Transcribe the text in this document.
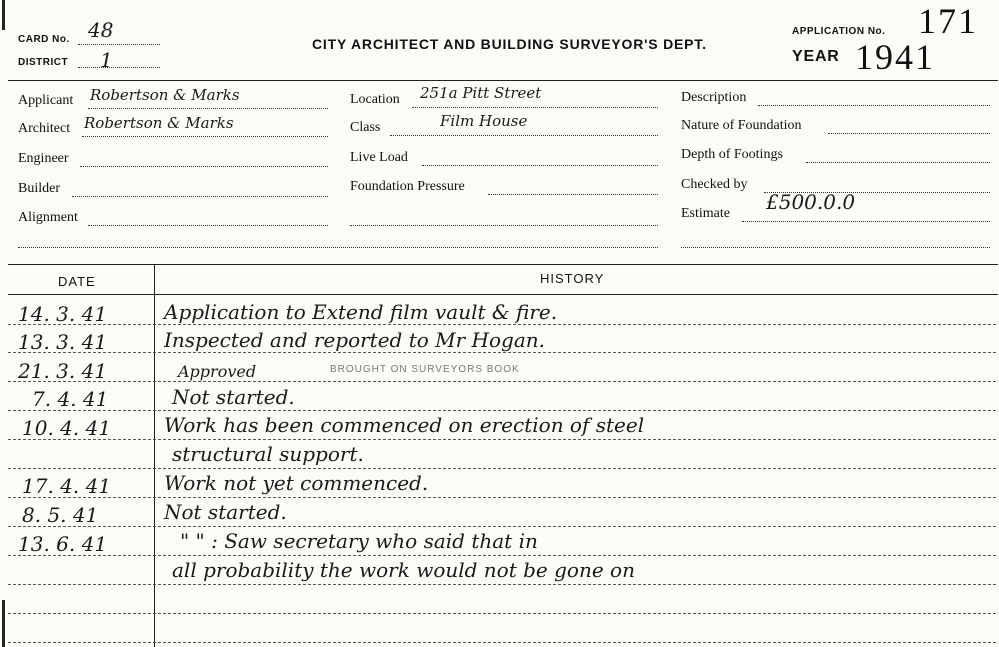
CARD No. 48
DISTRICT 1
CITY ARCHITECT AND BUILDING SURVEYOR'S DEPT.
APPLICATION No. 171
YEAR 1941
Applicant Robertson & Marks
Architect Robertson & Marks
Engineer
Builder
Alignment
Location 251a Pitt Street
Class	Film House
Live Load
Foundation Pressure
Description
Nature of Foundation
Depth of Footings
Checked by
Estimate £500.0.0
DATE	HISTORY
14. 3. 41	Application to Extend film vault & fire.
13. 3. 41	Inspected and reported to Mr Hogan.
21. 3. 41	Approved	BROUGHT ON SURVEYORS BOOK
7. 4. 41	Not started.
10. 4. 41	Work has been commenced on erection of steel
structural support.
17. 4. 41	Work not yet commenced.
8. 5. 41	Not started.
13. 6. 41	" " : Saw secretary who said that in
all probability the work would not be gone on
